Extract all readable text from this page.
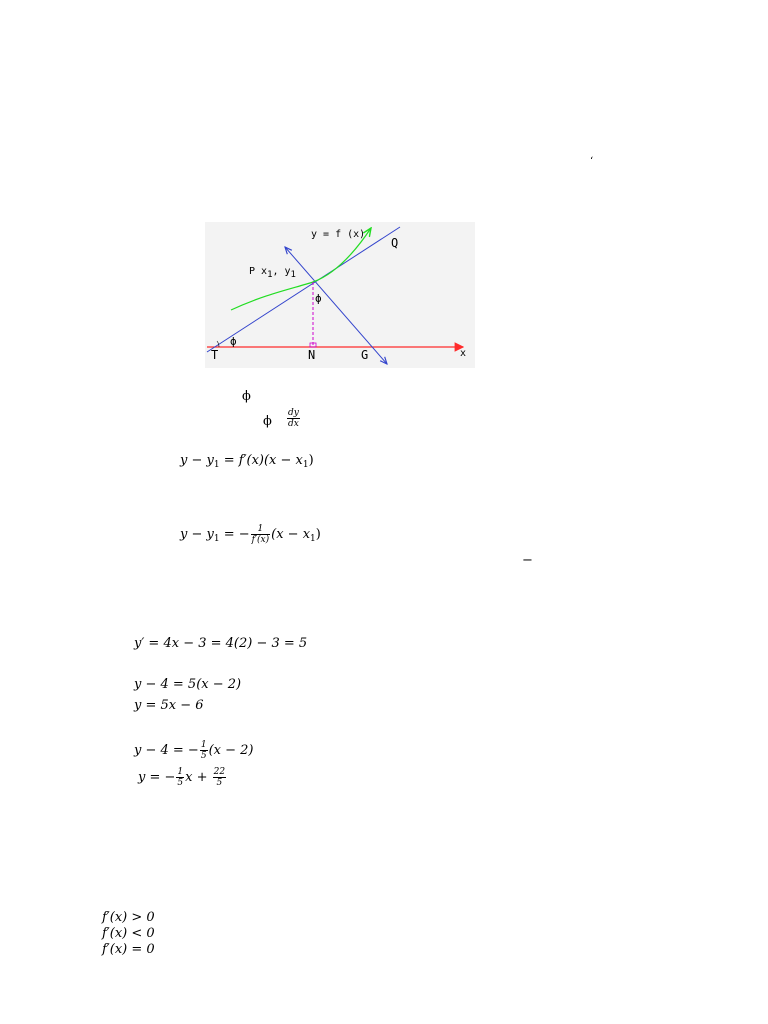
‘
y = f (x)
Q
P x1, y1
ϕ
ϕ
T	N	G	x
ϕ
ϕ $\frac{dy}{dx}$
$y - y_1 = f'(x)(x - x_1)$
$y - y_1$ = − $\frac{1}{f'(x)} (x - x_1)$
−
y′ = 4x − 3 = 4(2) − 3 = 5
y − 4 = 5(x − 2)
y = 5x − 6
y − 4 = − $\frac{1}{5} (x - 2)$
y = − $\frac{1}{5}$ $x + \frac{22}{5}$
f′(x) > 0
f′(x) < 0
f′(x) = 0
